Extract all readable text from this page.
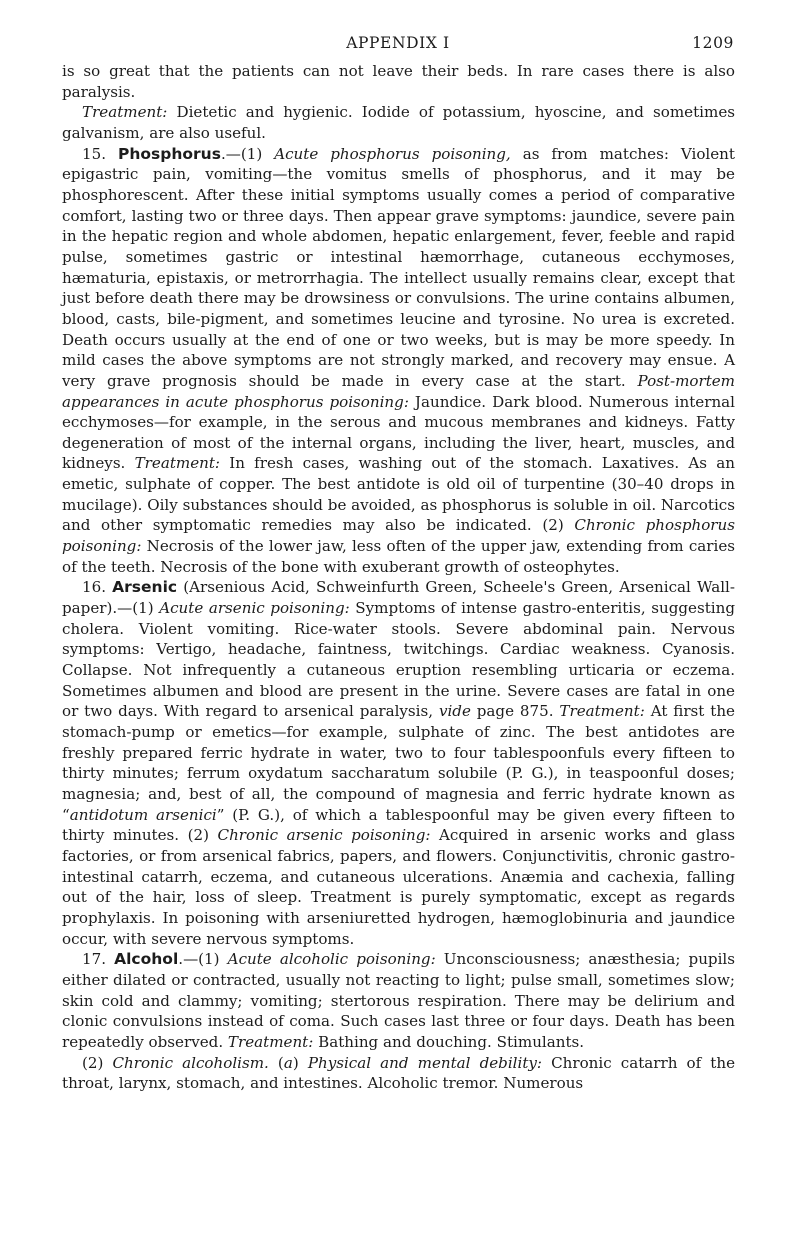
APPENDIX I	1209

is so great that the patients can not leave their beds. In rare cases there is also paralysis.

Treatment: Dietetic and hygienic. Iodide of potassium, hyoscine, and sometimes galvanism, are also useful.

15. Phosphorus.—(1) Acute phosphorus poisoning, as from matches: Violent epigastric pain, vomiting—the vomitus smells of phosphorus, and it may be phosphorescent. After these initial symptoms usually comes a period of comparative comfort, lasting two or three days. Then appear grave symptoms: jaundice, severe pain in the hepatic region and whole abdomen, hepatic enlargement, fever, feeble and rapid pulse, sometimes gastric or intestinal hæmorrhage, cutaneous ecchymoses, hæmaturia, epistaxis, or metrorrhagia. The intellect usually remains clear, except that just before death there may be drowsiness or convulsions. The urine contains albumen, blood, casts, bile-pigment, and sometimes leucine and tyrosine. No urea is excreted. Death occurs usually at the end of one or two weeks, but is may be more speedy. In mild cases the above symptoms are not strongly marked, and recovery may ensue. A very grave prognosis should be made in every case at the start. Post-mortem appearances in acute phosphorus poisoning: Jaundice. Dark blood. Numerous internal ecchymoses—for example, in the serous and mucous membranes and kidneys. Fatty degeneration of most of the internal organs, including the liver, heart, muscles, and kidneys. Treatment: In fresh cases, washing out of the stomach. Laxatives. As an emetic, sulphate of copper. The best antidote is old oil of turpentine (30–40 drops in mucilage). Oily substances should be avoided, as phosphorus is soluble in oil. Narcotics and other symptomatic remedies may also be indicated. (2) Chronic phosphorus poisoning: Necrosis of the lower jaw, less often of the upper jaw, extending from caries of the teeth. Necrosis of the bone with exuberant growth of osteophytes.

16. Arsenic (Arsenious Acid, Schweinfurth Green, Scheele's Green, Arsenical Wall-paper).—(1) Acute arsenic poisoning: Symptoms of intense gastro-enteritis, suggesting cholera. Violent vomiting. Rice-water stools. Severe abdominal pain. Nervous symptoms: Vertigo, headache, faintness, twitchings. Cardiac weakness. Cyanosis. Collapse. Not infrequently a cutaneous eruption resembling urticaria or eczema. Sometimes albumen and blood are present in the urine. Severe cases are fatal in one or two days. With regard to arsenical paralysis, vide page 875. Treatment: At first the stomach-pump or emetics—for example, sulphate of zinc. The best antidotes are freshly prepared ferric hydrate in water, two to four tablespoonfuls every fifteen to thirty minutes; ferrum oxydatum saccharatum solubile (P. G.), in teaspoonful doses; magnesia; and, best of all, the compound of magnesia and ferric hydrate known as “antidotum arsenici” (P. G.), of which a tablespoonful may be given every fifteen to thirty minutes. (2) Chronic arsenic poisoning: Acquired in arsenic works and glass factories, or from arsenical fabrics, papers, and flowers. Conjunctivitis, chronic gastro-intestinal catarrh, eczema, and cutaneous ulcerations. Anæmia and cachexia, falling out of the hair, loss of sleep. Treatment is purely symptomatic, except as regards prophylaxis. In poisoning with arseniuretted hydrogen, hæmoglobinuria and jaundice occur, with severe nervous symptoms.

17. Alcohol.—(1) Acute alcoholic poisoning: Unconsciousness; anæsthesia; pupils either dilated or contracted, usually not reacting to light; pulse small, sometimes slow; skin cold and clammy; vomiting; stertorous respiration. There may be delirium and clonic convulsions instead of coma. Such cases last three or four days. Death has been repeatedly observed. Treatment: Bathing and douching. Stimulants.

(2) Chronic alcoholism. (a) Physical and mental debility: Chronic catarrh of the throat, larynx, stomach, and intestines. Alcoholic tremor. Numerous
